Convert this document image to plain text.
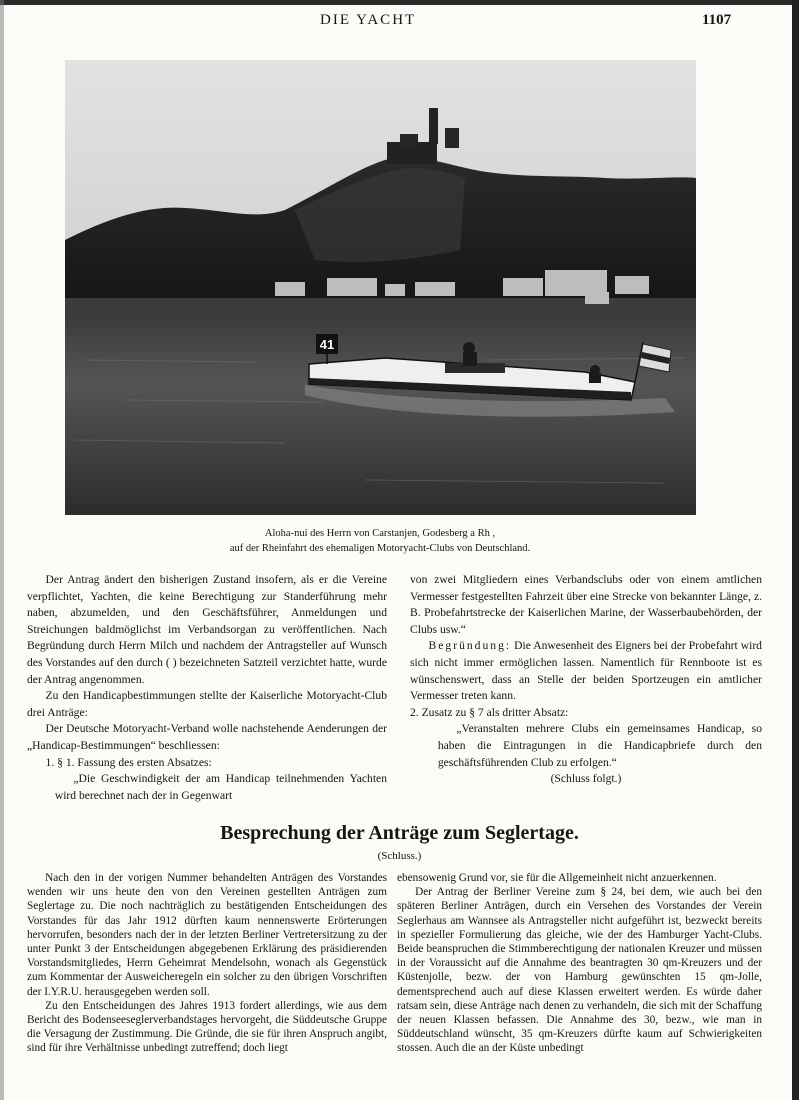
DIE YACHT	1107
41
Aloha-nui des Herrn von Carstanjen, Godesberg a Rh ,
auf der Rheinfahrt des ehemaligen Motoryacht-Clubs von Deutschland.

Der Antrag ändert den bisherigen Zustand insofern, als er die Vereine verpflichtet, Yachten, die keine Berechtigung zur Standerführung mehr naben, abzumelden, und den Geschäftsführer, Anmeldungen und Streichungen baldmöglichst im Verbandsorgan zu veröffentlichen. Nach Begründung durch Herrn Milch und nachdem der Antragsteller auf Wunsch des Vorstandes auf den durch ( ) bezeichneten Satzteil verzichtet hatte, wurde der Antrag angenommen.

Zu den Handicapbestimmungen stellte der Kaiserliche Motoryacht-Club drei Anträge:

Der Deutsche Motoryacht-Verband wolle nachstehende Aenderungen der „Handicap-Bestimmungen“ beschliessen:

1. § 1. Fassung des ersten Absatzes:

„Die Geschwindigkeit der am Handicap teilnehmenden Yachten wird berechnet nach der in Gegenwart

von zwei Mitgliedern eines Verbandsclubs oder von einem amtlichen Vermesser festgestellten Fahrzeit über eine Strecke von bekannter Länge, z. B. Probefahrtstrecke der Kaiserlichen Marine, der Wasserbaubehörden, der Clubs usw.“

Begründung: Die Anwesenheit des Eigners bei der Probefahrt wird sich nicht immer ermöglichen lassen. Namentlich für Rennboote ist es wünschenswert, dass an Stelle der beiden Sportzeugen ein amtlicher Vermesser treten kann.

2. Zusatz zu § 7 als dritter Absatz:

„Veranstalten mehrere Clubs ein gemeinsames Handicap, so haben die Eintragungen in die Handicapbriefe durch den geschäftsführenden Club zu erfolgen.“

(Schluss folgt.)

Besprechung der Anträge zum Seglertage.
(Schluss.)

Nach den in der vorigen Nummer behandelten Anträgen des Vorstandes wenden wir uns heute den von den Vereinen gestellten Anträgen zum Seglertage zu. Die noch nachträglich zu bestätigenden Entscheidungen des Vorstandes für das Jahr 1912 dürften kaum nennenswerte Erörterungen hervorrufen, besonders nach der in der letzten Berliner Vertretersitzung zu der unter Punkt 3 der Entscheidungen abgegebenen Erklärung des präsidierenden Vorstandsmitgliedes, Herrn Geheimrat Mendelsohn, wonach als Gegenstück zum Kommentar der Ausweicheregeln ein solcher zu den übrigen Vorschriften der I.Y.R.U. herausgegeben werden soll.

Zu den Entscheidungen des Jahres 1913 fordert allerdings, wie aus dem Bericht des Bodenseeseglerverbandstages hervorgeht, die Süddeutsche Gruppe die Versagung der Zustimmung. Die Gründe, die sie für ihren Anspruch angibt, sind für ihre Verhältnisse unbedingt zutreffend; doch liegt

ebensowenig Grund vor, sie für die Allgemeinheit nicht anzuerkennen.

Der Antrag der Berliner Vereine zum § 24, bei dem, wie auch bei den späteren Berliner Anträgen, durch ein Versehen des Vorstandes der Verein Seglerhaus am Wannsee als Antragsteller nicht aufgeführt ist, bezweckt bereits in spezieller Formulierung das gleiche, wie der des Hamburger Yacht-Clubs. Beide beanspruchen die Stimmberechtigung der nationalen Kreuzer und müssen in der Voraussicht auf die Annahme des beantragten 30 qm-Kreuzers und der Küstenjolle, bezw. der von Hamburg gewünschten 15 qm-Jolle, dementsprechend auch auf diese Klassen erweitert werden. Es würde daher ratsam sein, diese Anträge nach denen zu verhandeln, die sich mit der Schaffung der neuen Klassen befassen. Die Annahme des 30, bezw., wie man in Süddeutschland wünscht, 35 qm-Kreuzers dürfte kaum auf Schwierigkeiten stossen. Auch die an der Küste unbedingt
